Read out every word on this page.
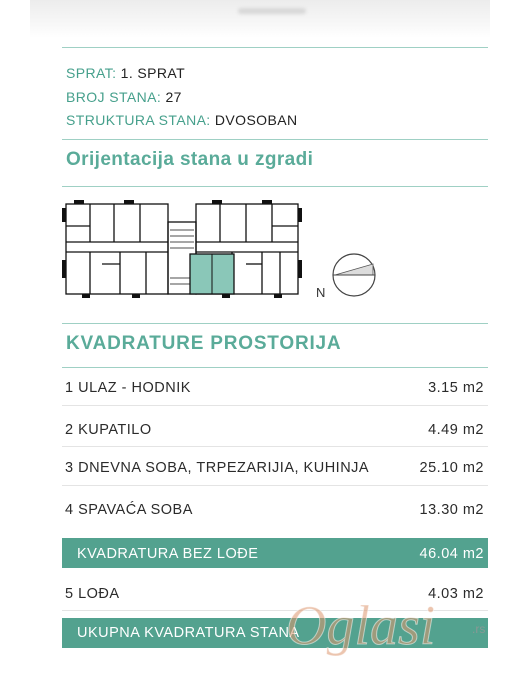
SPRAT: 1. SPRAT
BROJ STANA: 27
STRUKTURA STANA: DVOSOBAN
Orijentacija stana u zgradi
N
KVADRATURE PROSTORIJA
1 ULAZ - HODNIK	3.15 m2
2 KUPATILO	4.49 m2
3 DNEVNA SOBA, TRPEZARIJIA, KUHINJA	25.10 m2
4 SPAVAĆA SOBA	13.30 m2
KVADRATURA BEZ LOĐE	46.04 m2
5 LOĐA	4.03 m2
UKUPNA KVADRATURA STANA
Oglasi	.rs
